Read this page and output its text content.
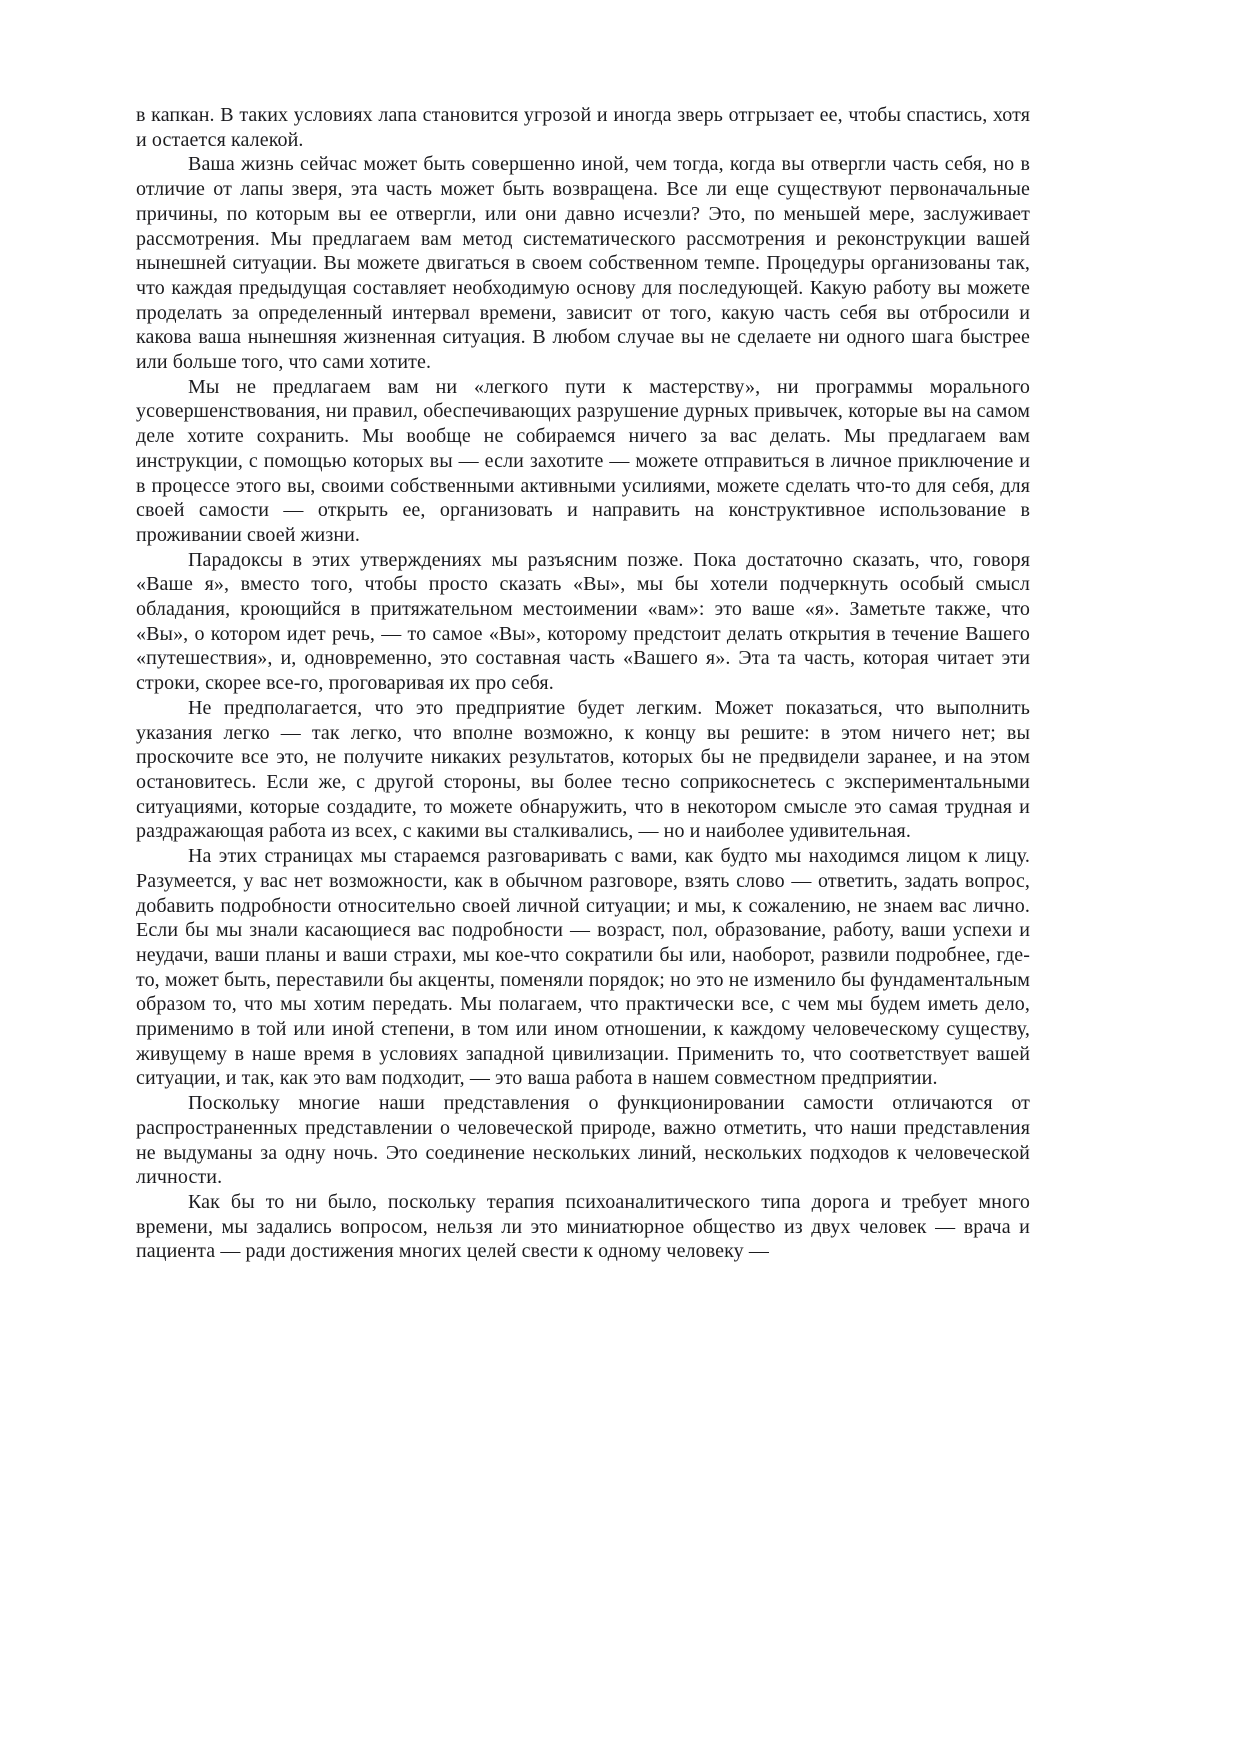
в капкан. В таких условиях лапа становится угрозой и иногда зверь отгрызает ее, чтобы спастись, хотя и остается калекой.

Ваша жизнь сейчас может быть совершенно иной, чем тогда, когда вы отвергли часть себя, но в отличие от лапы зверя, эта часть может быть возвращена. Все ли еще существуют первоначальные причины, по которым вы ее отвергли, или они давно исчезли? Это, по меньшей мере, заслуживает рассмотрения. Мы предлагаем вам метод систематического рассмотрения и реконструкции вашей нынешней ситуации. Вы можете двигаться в своем собственном темпе. Процедуры организованы так, что каждая предыдущая составляет необходимую основу для последующей. Какую работу вы можете проделать за определенный интервал времени, зависит от того, какую часть себя вы отбросили и какова ваша нынешняя жизненная ситуация. В любом случае вы не сделаете ни одного шага быстрее или больше того, что сами хотите.

Мы не предлагаем вам ни «легкого пути к мастерству», ни программы морального усовершенствования, ни правил, обеспечивающих разрушение дурных привычек, которые вы на самом деле хотите сохранить. Мы вообще не собираемся ничего за вас делать. Мы предлагаем вам инструкции, с помощью которых вы — если захотите — можете отправиться в личное приключение и в процессе этого вы, своими собственными активными усилиями, можете сделать что-то для себя, для своей самости — открыть ее, организовать и направить на конструктивное использование в проживании своей жизни.

Парадоксы в этих утверждениях мы разъясним позже. Пока достаточно сказать, что, говоря «Ваше я», вместо того, чтобы просто сказать «Вы», мы бы хотели подчеркнуть особый смысл обладания, кроющийся в притяжательном местоимении «вам»: это ваше «я». Заметьте также, что «Вы», о котором идет речь, — то самое «Вы», которому предстоит делать открытия в течение Вашего «путешествия», и, одновременно, это составная часть «Вашего я». Эта та часть, которая читает эти строки, скорее все-го, проговаривая их про себя.

Не предполагается, что это предприятие будет легким. Может показаться, что выполнить указания легко — так легко, что вполне возможно, к концу вы решите: в этом ничего нет; вы проскочите все это, не получите никаких результатов, которых бы не предвидели заранее, и на этом остановитесь. Если же, с другой стороны, вы более тесно соприкоснетесь с экспериментальными ситуациями, которые создадите, то можете обнаружить, что в некотором смысле это самая трудная и раздражающая работа из всех, с какими вы сталкивались, — но и наиболее удивительная.

На этих страницах мы стараемся разговаривать с вами, как будто мы находимся лицом к лицу. Разумеется, у вас нет возможности, как в обычном разговоре, взять слово — ответить, задать вопрос, добавить подробности относительно своей личной ситуации; и мы, к сожалению, не знаем вас лично. Если бы мы знали касающиеся вас подробности — возраст, пол, образование, работу, ваши успехи и неудачи, ваши планы и ваши страхи, мы кое-что сократили бы или, наоборот, развили подробнее, где-то, может быть, переставили бы акценты, поменяли порядок; но это не изменило бы фундаментальным образом то, что мы хотим передать. Мы полагаем, что практически все, с чем мы будем иметь дело, применимо в той или иной степени, в том или ином отношении, к каждому человеческому существу, живущему в наше время в условиях западной цивилизации. Применить то, что соответствует вашей ситуации, и так, как это вам подходит, — это ваша работа в нашем совместном предприятии.

Поскольку многие наши представления о функционировании самости отличаются от распространенных представлении о человеческой природе, важно отметить, что наши представления не выдуманы за одну ночь. Это соединение нескольких линий, нескольких подходов к человеческой личности.

Как бы то ни было, поскольку терапия психоаналитического типа дорога и требует много времени, мы задались вопросом, нельзя ли это миниатюрное общество из двух человек — врача и пациента — ради достижения многих целей свести к одному человеку —
